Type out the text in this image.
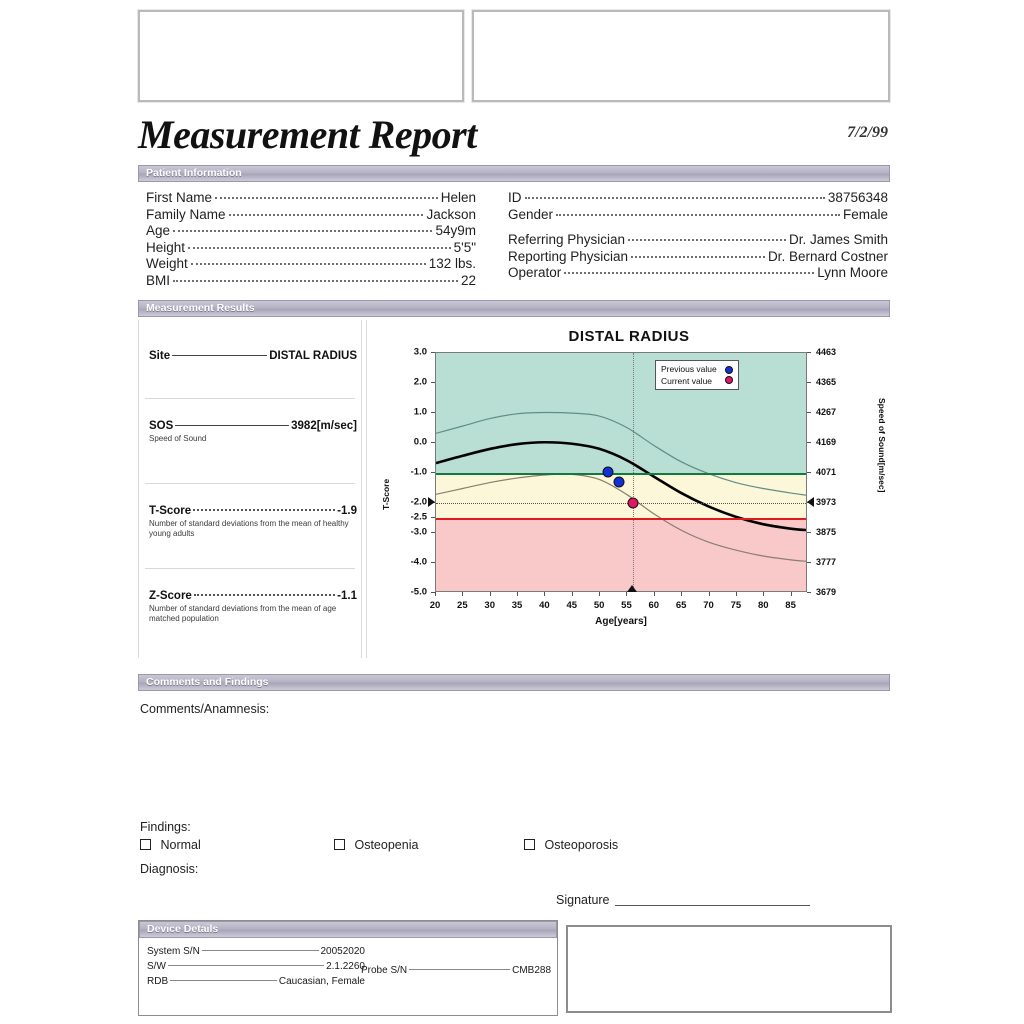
Measurement Report	7/2/99
Patient Information
First Name	Helen
Family Name	Jackson
Age	54y9m
Height	5'5"
Weight	132 lbs.
BMI	22
ID	38756348
Gender	Female
Referring Physician	Dr. James Smith
Reporting Physician	Dr. Bernard Costner
Operator	Lynn Moore
Measurement Results
Site	DISTAL RADIUS
SOS	3982[m/sec]
Speed of Sound
T-Score	-1.9
Number of standard deviations from the mean of healthy young adults
Z-Score	-1.1
Number of standard deviations from the mean of age matched population
DISTAL RADIUS
3.0
2.0
1.0
0.0
-1.0
-2.0
-2.5
-3.0
-4.0
-5.0
4463
4365
4267
4169
4071
3973
3875
3777
3679
20 25 30 35 40 45 50 55 60 65 70 75 80 85
T-Score
Speed of Sound[m/sec]
Age[years]
Previous value
Current value
Comments and Findings
Comments/Anamnesis:
Findings:
Normal	Osteopenia	Osteoporosis
Diagnosis:
Signature
Device Details
System S/N	20052020
S/W	2.1.2260
RDB	Caucasian, Female
Probe S/N	CMB288
